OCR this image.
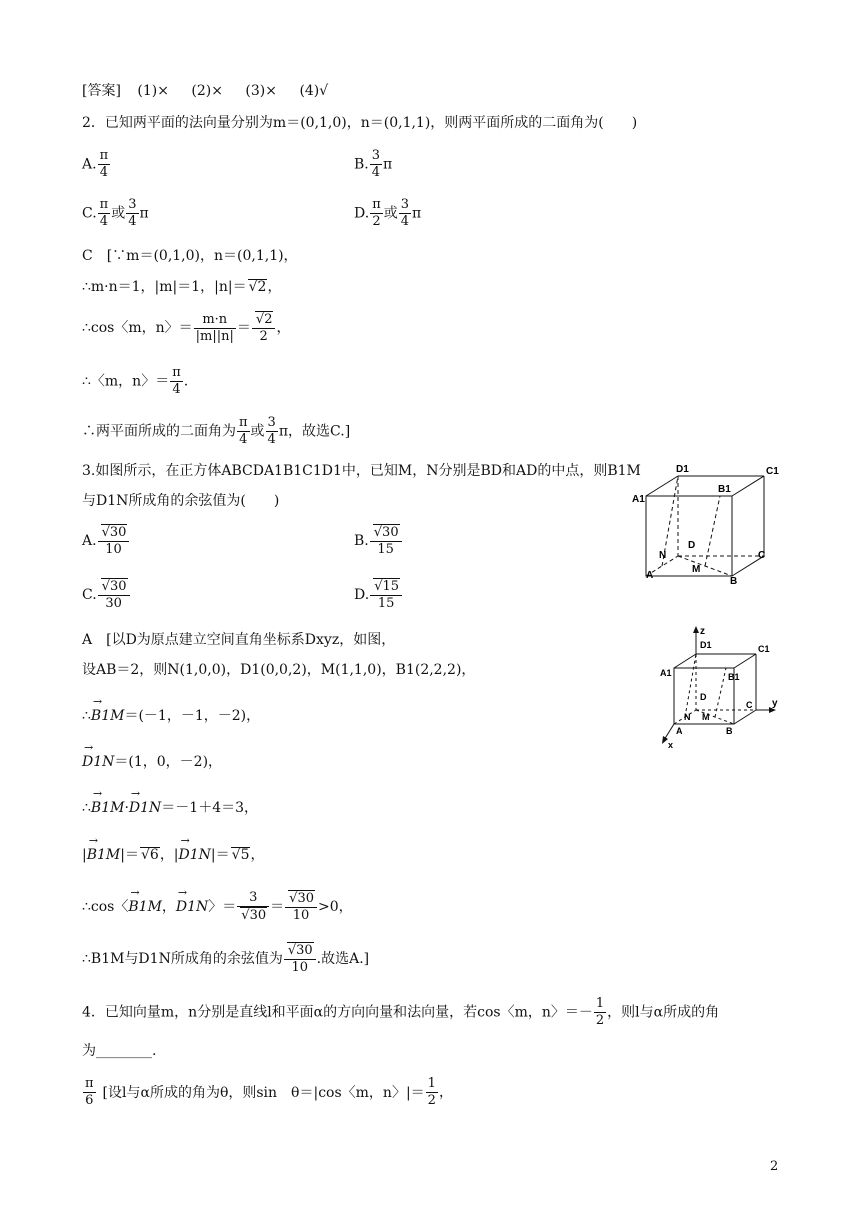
[答案] (1)× (2)× (3)× (4)√
2．已知两平面的法向量分别为m＝(0,1,0)，n＝(0,1,1)，则两平面所成的二面角为(　　)
A. $\frac{\pi}{4}$	B. $\frac{3}{4}$ π
C. $\frac{\pi}{4}$ 或 $\frac{3}{4}$ π	D. $\frac{\pi}{2}$ 或 $\frac{3}{4}$ π
C　[∵m＝(0,1,0)，n＝(0,1,1)，
∴m·n＝1，|m|＝1，|n|＝ √ 2，
∴cos〈m，n〉＝ $\frac{m\cdot n}{|m||n|}$ ＝ √ $\frac{2}{2}$ ，
∴〈m，n〉＝ $\frac{\pi}{4}$ .
∴两平面所成的二面角为 $\frac{\pi}{4}$ 或 $\frac{3}{4}$ π，故选C.]
3.如图所示，在正方体ABCDA1B1C1D1中，已知M，N分别是BD和AD的中点，则B1M
与D1N所成角的余弦值为(　　)
A. √ $\frac{30}{10}$	B. √ $\frac{30}{15}$
C. √ $\frac{30}{30}$	D. √ $\frac{15}{15}$
D1	C1
A1
B1
D
N
M
C
A
B
A　[以D为原点建立空间直角坐标系Dxyz，如图，
设AB＝2，则N(1,0,0)，D1(0,0,2)，M(1,1,0)，B1(2,2,2)，
∴→ B1M＝(－1，－1，－2)，
→ D1N＝(1，0，－2)，
∴→ B1M·→ D1N＝－1＋4＝3，
|→ B1M|＝ √ 6，|→ D1N|＝ √ 5，
∴cos〈→ B1M，→ D1N〉＝ 3
√ 30 ＝ √ $\frac{30}{10} >0$，
∴B1M与D1N所成角的余弦值为 √ $\frac{30}{10}$ .故选A.]
z
D1	C1
A1	B1
D
N M
C y
A	B
x
4．已知向量m，n分别是直线l和平面α的方向向量和法向量，若cos〈m，n〉＝－ $\frac{1}{2}$ ，则l与α所成的角
为________.
$\frac{\pi}{6}$ [设l与α所成的角为θ，则sin　θ＝|cos〈m，n〉|＝ $\frac{1}{2}$ ，
2
